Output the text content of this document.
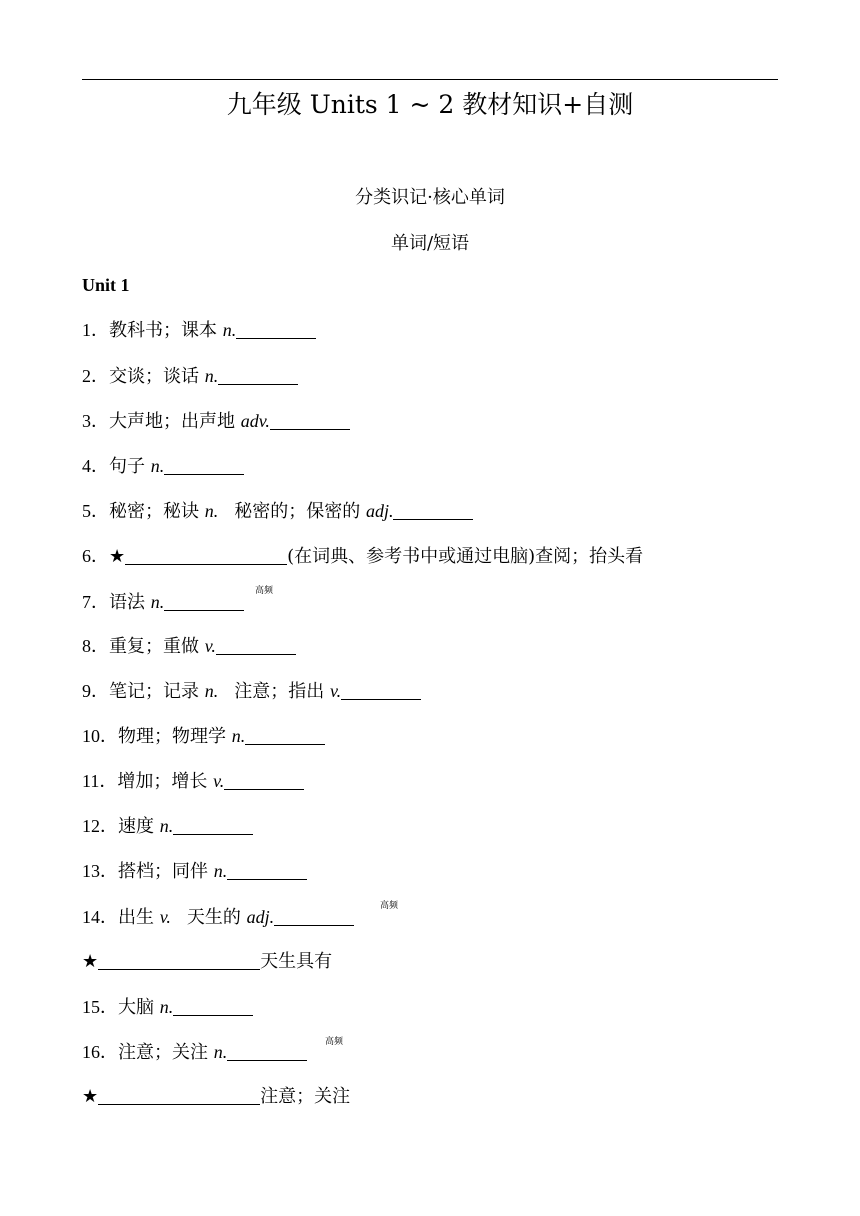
九年级 Units 1 ~ 2 教材知识+自测
分类识记·核心单词
单词/短语
Unit 1
1．教科书；课本 n.
2．交谈；谈话 n.
3．大声地；出声地 adv.
4．句子 n.
5．秘密；秘诀 n. 秘密的；保密的 adj.
6．★	(在词典、参考书中或通过电脑)查阅；抬头看
7．语法 n.
高频
8．重复；重做 v.
9．笔记；记录 n. 注意；指出 v.
10．物理；物理学 n.
11．增加；增长 v.
12．速度 n.
13．搭档；同伴 n.
14．出生 v. 天生的 adj.
高频
★	天生具有
15．大脑 n.
16．注意；关注 n.	高频
★	注意；关注
